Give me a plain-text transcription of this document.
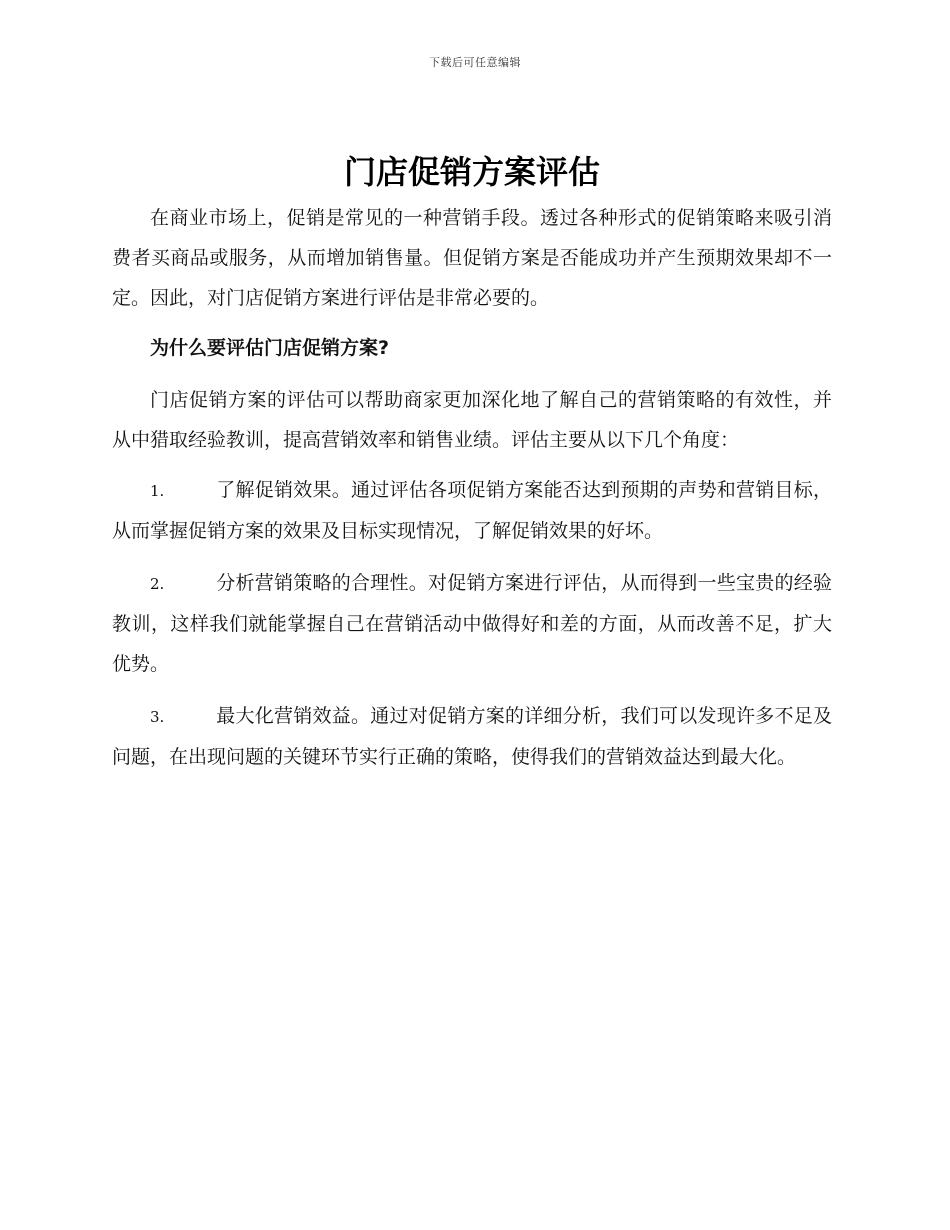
下载后可任意编辑
门店促销方案评估

在商业市场上，促销是常见的一种营销手段。透过各种形式的促销策略来吸引消费者买商品或服务，从而增加销售量。但促销方案是否能成功并产生预期效果却不一定。因此，对门店促销方案进行评估是非常必要的。

为什么要评估门店促销方案?

门店促销方案的评估可以帮助商家更加深化地了解自己的营销策略的有效性，并从中猎取经验教训，提高营销效率和销售业绩。评估主要从以下几个角度：

1.	了解促销效果。通过评估各项促销方案能否达到预期的声势和营销目标，从而掌握促销方案的效果及目标实现情况，了解促销效果的好坏。

2.	分析营销策略的合理性。对促销方案进行评估，从而得到一些宝贵的经验教训，这样我们就能掌握自己在营销活动中做得好和差的方面，从而改善不足，扩大优势。

3.	最大化营销效益。通过对促销方案的详细分析，我们可以发现许多不足及问题，在出现问题的关键环节实行正确的策略，使得我们的营销效益达到最大化。
